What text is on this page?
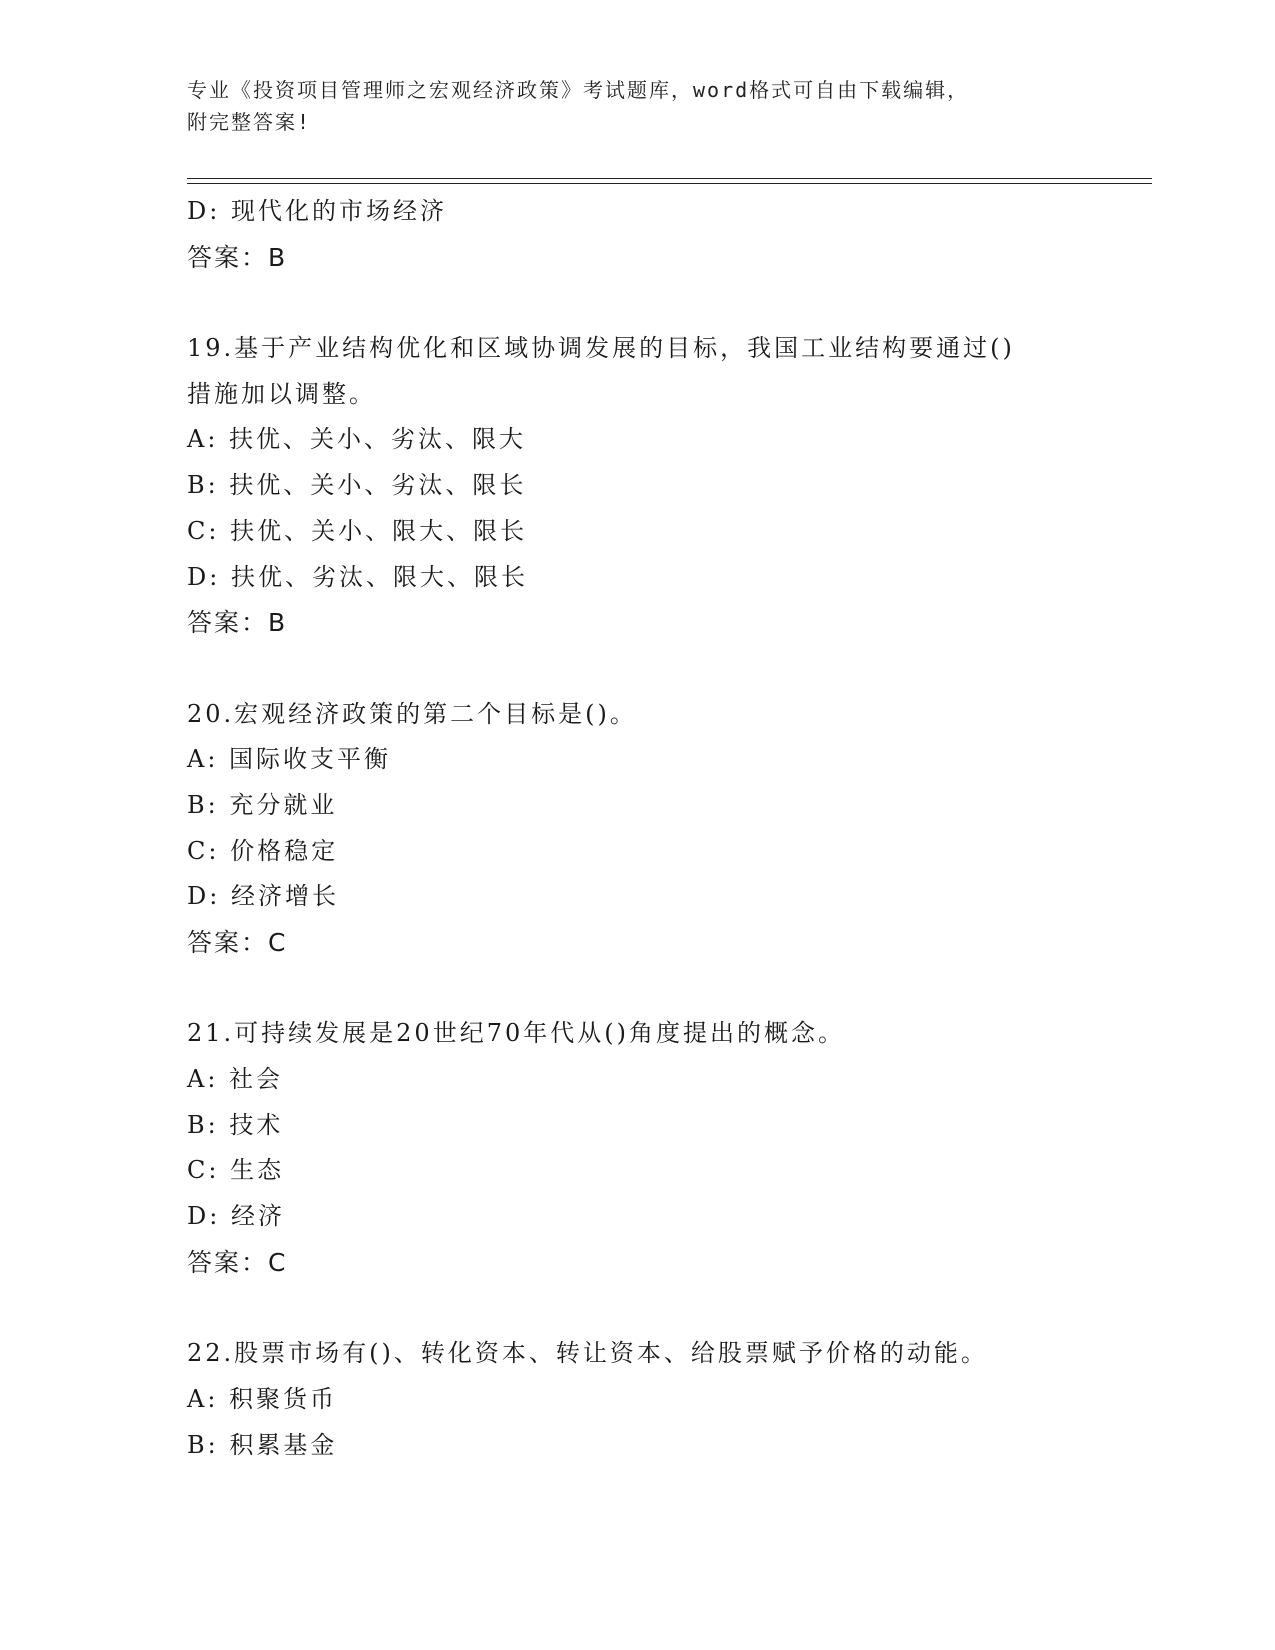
专业《投资项目管理师之宏观经济政策》考试题库，word格式可自由下载编辑，
附完整答案!
D: 现代化的市场经济
答案：B
19.基于产业结构优化和区域协调发展的目标，我国工业结构要通过()
措施加以调整。
A: 扶优、关小、劣汰、限大
B: 扶优、关小、劣汰、限长
C: 扶优、关小、限大、限长
D: 扶优、劣汰、限大、限长
答案：B
20.宏观经济政策的第二个目标是()。
A: 国际收支平衡
B: 充分就业
C: 价格稳定
D: 经济增长
答案：C
21.可持续发展是20世纪70年代从()角度提出的概念。
A: 社会
B: 技术
C: 生态
D: 经济
答案：C
22.股票市场有()、转化资本、转让资本、给股票赋予价格的动能。
A: 积聚货币
B: 积累基金
